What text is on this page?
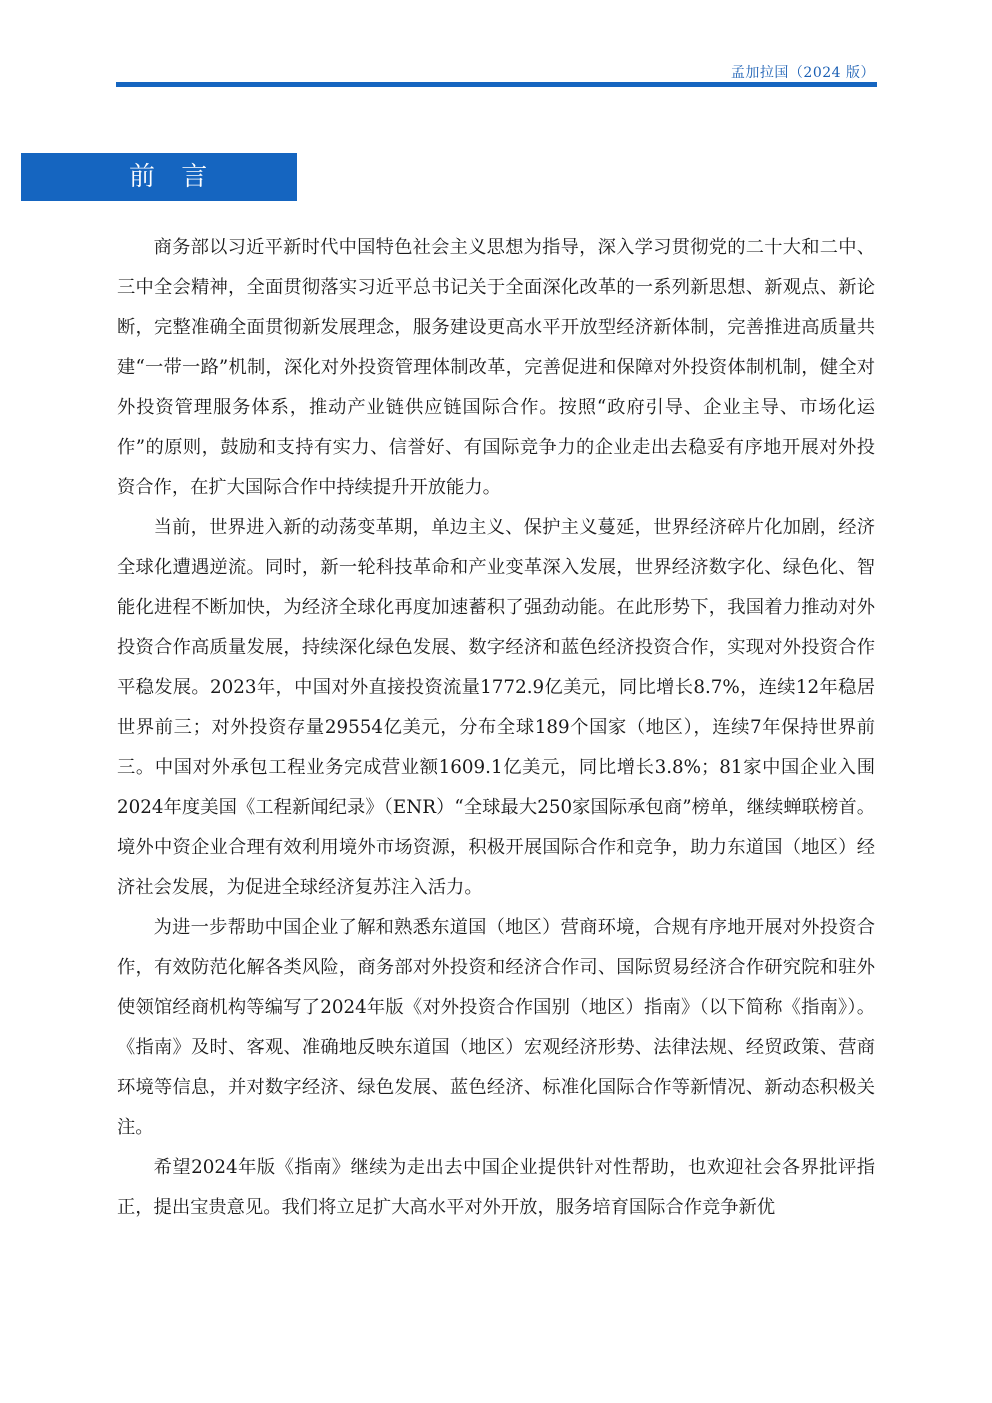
孟加拉国（2024 版）
前 言

商务部以习近平新时代中国特色社会主义思想为指导，深入学习贯彻党的二十大和二中、三中全会精神，全面贯彻落实习近平总书记关于全面深化改革的一系列新思想、新观点、新论断，完整准确全面贯彻新发展理念，服务建设更高水平开放型经济新体制，完善推进高质量共建“一带一路”机制，深化对外投资管理体制改革，完善促进和保障对外投资体制机制，健全对外投资管理服务体系，推动产业链供应链国际合作。按照“政府引导、企业主导、市场化运作”的原则，鼓励和支持有实力、信誉好、有国际竞争力的企业走出去稳妥有序地开展对外投资合作，在扩大国际合作中持续提升开放能力。

当前，世界进入新的动荡变革期，单边主义、保护主义蔓延，世界经济碎片化加剧，经济全球化遭遇逆流。同时，新一轮科技革命和产业变革深入发展，世界经济数字化、绿色化、智能化进程不断加快，为经济全球化再度加速蓄积了强劲动能。在此形势下，我国着力推动对外投资合作高质量发展，持续深化绿色发展、数字经济和蓝色经济投资合作，实现对外投资合作平稳发展。2023年，中国对外直接投资流量1772.9亿美元，同比增长8.7%，连续12年稳居世界前三；对外投资存量29554亿美元，分布全球189个国家（地区），连续7年保持世界前三。中国对外承包工程业务完成营业额1609.1亿美元，同比增长3.8%；81家中国企业入围2024年度美国《工程新闻纪录》（ENR）“全球最大250家国际承包商”榜单，继续蝉联榜首。境外中资企业合理有效利用境外市场资源，积极开展国际合作和竞争，助力东道国（地区）经济社会发展，为促进全球经济复苏注入活力。

为进一步帮助中国企业了解和熟悉东道国（地区）营商环境，合规有序地开展对外投资合作，有效防范化解各类风险，商务部对外投资和经济合作司、国际贸易经济合作研究院和驻外使领馆经商机构等编写了2024年版《对外投资合作国别（地区）指南》（以下简称《指南》）。《指南》及时、客观、准确地反映东道国（地区）宏观经济形势、法律法规、经贸政策、营商环境等信息，并对数字经济、绿色发展、蓝色经济、标准化国际合作等新情况、新动态积极关注。

希望2024年版《指南》继续为走出去中国企业提供针对性帮助，也欢迎社会各界批评指正，提出宝贵意见。我们将立足扩大高水平对外开放，服务培育国际合作竞争新优
